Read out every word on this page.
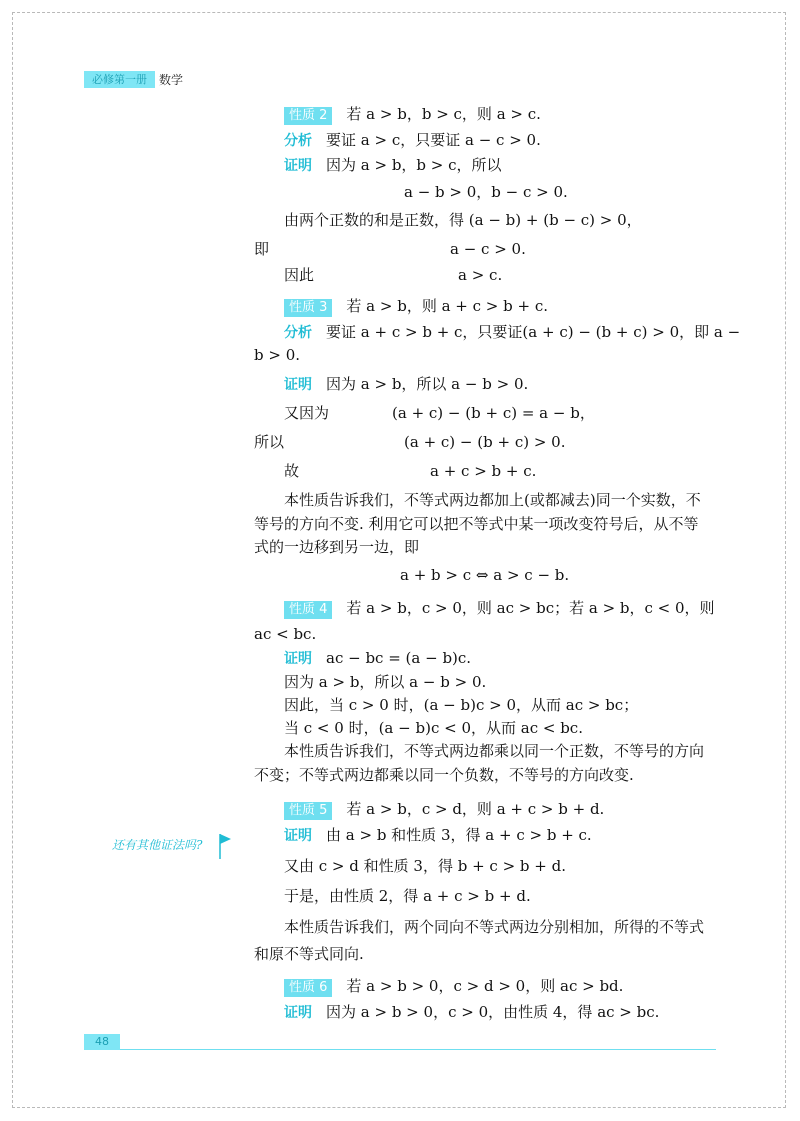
必修第一册	数学
性质 2 若 a > b，b > c，则 a > c.
分析 要证 a > c，只要证 a − c > 0.
证明 因为 a > b，b > c，所以
a − b > 0，b − c > 0.
由两个正数的和是正数，得 (a − b) + (b − c) > 0，
即	a − c > 0.
因此	a > c.
性质 3 若 a > b，则 a + c > b + c.
分析 要证 a + c > b + c，只要证(a + c) − (b + c) > 0，即 a −
b > 0.
证明 因为 a > b，所以 a − b > 0.
又因为	(a + c) − (b + c) = a − b，
所以	(a + c) − (b + c) > 0.
故	a + c > b + c.
本性质告诉我们，不等式两边都加上(或都减去)同一个实数，不
等号的方向不变. 利用它可以把不等式中某一项改变符号后，从不等
式的一边移到另一边，即
a + b > c ⇔ a > c − b.
性质 4 若 a > b，c > 0，则 ac > bc；若 a > b，c < 0，则
ac < bc.
证明 ac − bc = (a − b)c.
因为 a > b，所以 a − b > 0.
因此，当 c > 0 时，(a − b)c > 0，从而 ac > bc；
当 c < 0 时，(a − b)c < 0，从而 ac < bc.
本性质告诉我们，不等式两边都乘以同一个正数，不等号的方向
不变；不等式两边都乘以同一个负数，不等号的方向改变.
性质 5 若 a > b，c > d，则 a + c > b + d.
证明 由 a > b 和性质 3，得 a + c > b + c.
又由 c > d 和性质 3，得 b + c > b + d.
于是，由性质 2，得 a + c > b + d.
本性质告诉我们，两个同向不等式两边分别相加，所得的不等式
和原不等式同向.
性质 6 若 a > b > 0，c > d > 0，则 ac > bd.
证明 因为 a > b > 0，c > 0，由性质 4，得 ac > bc.
还有其他证法吗?
48
